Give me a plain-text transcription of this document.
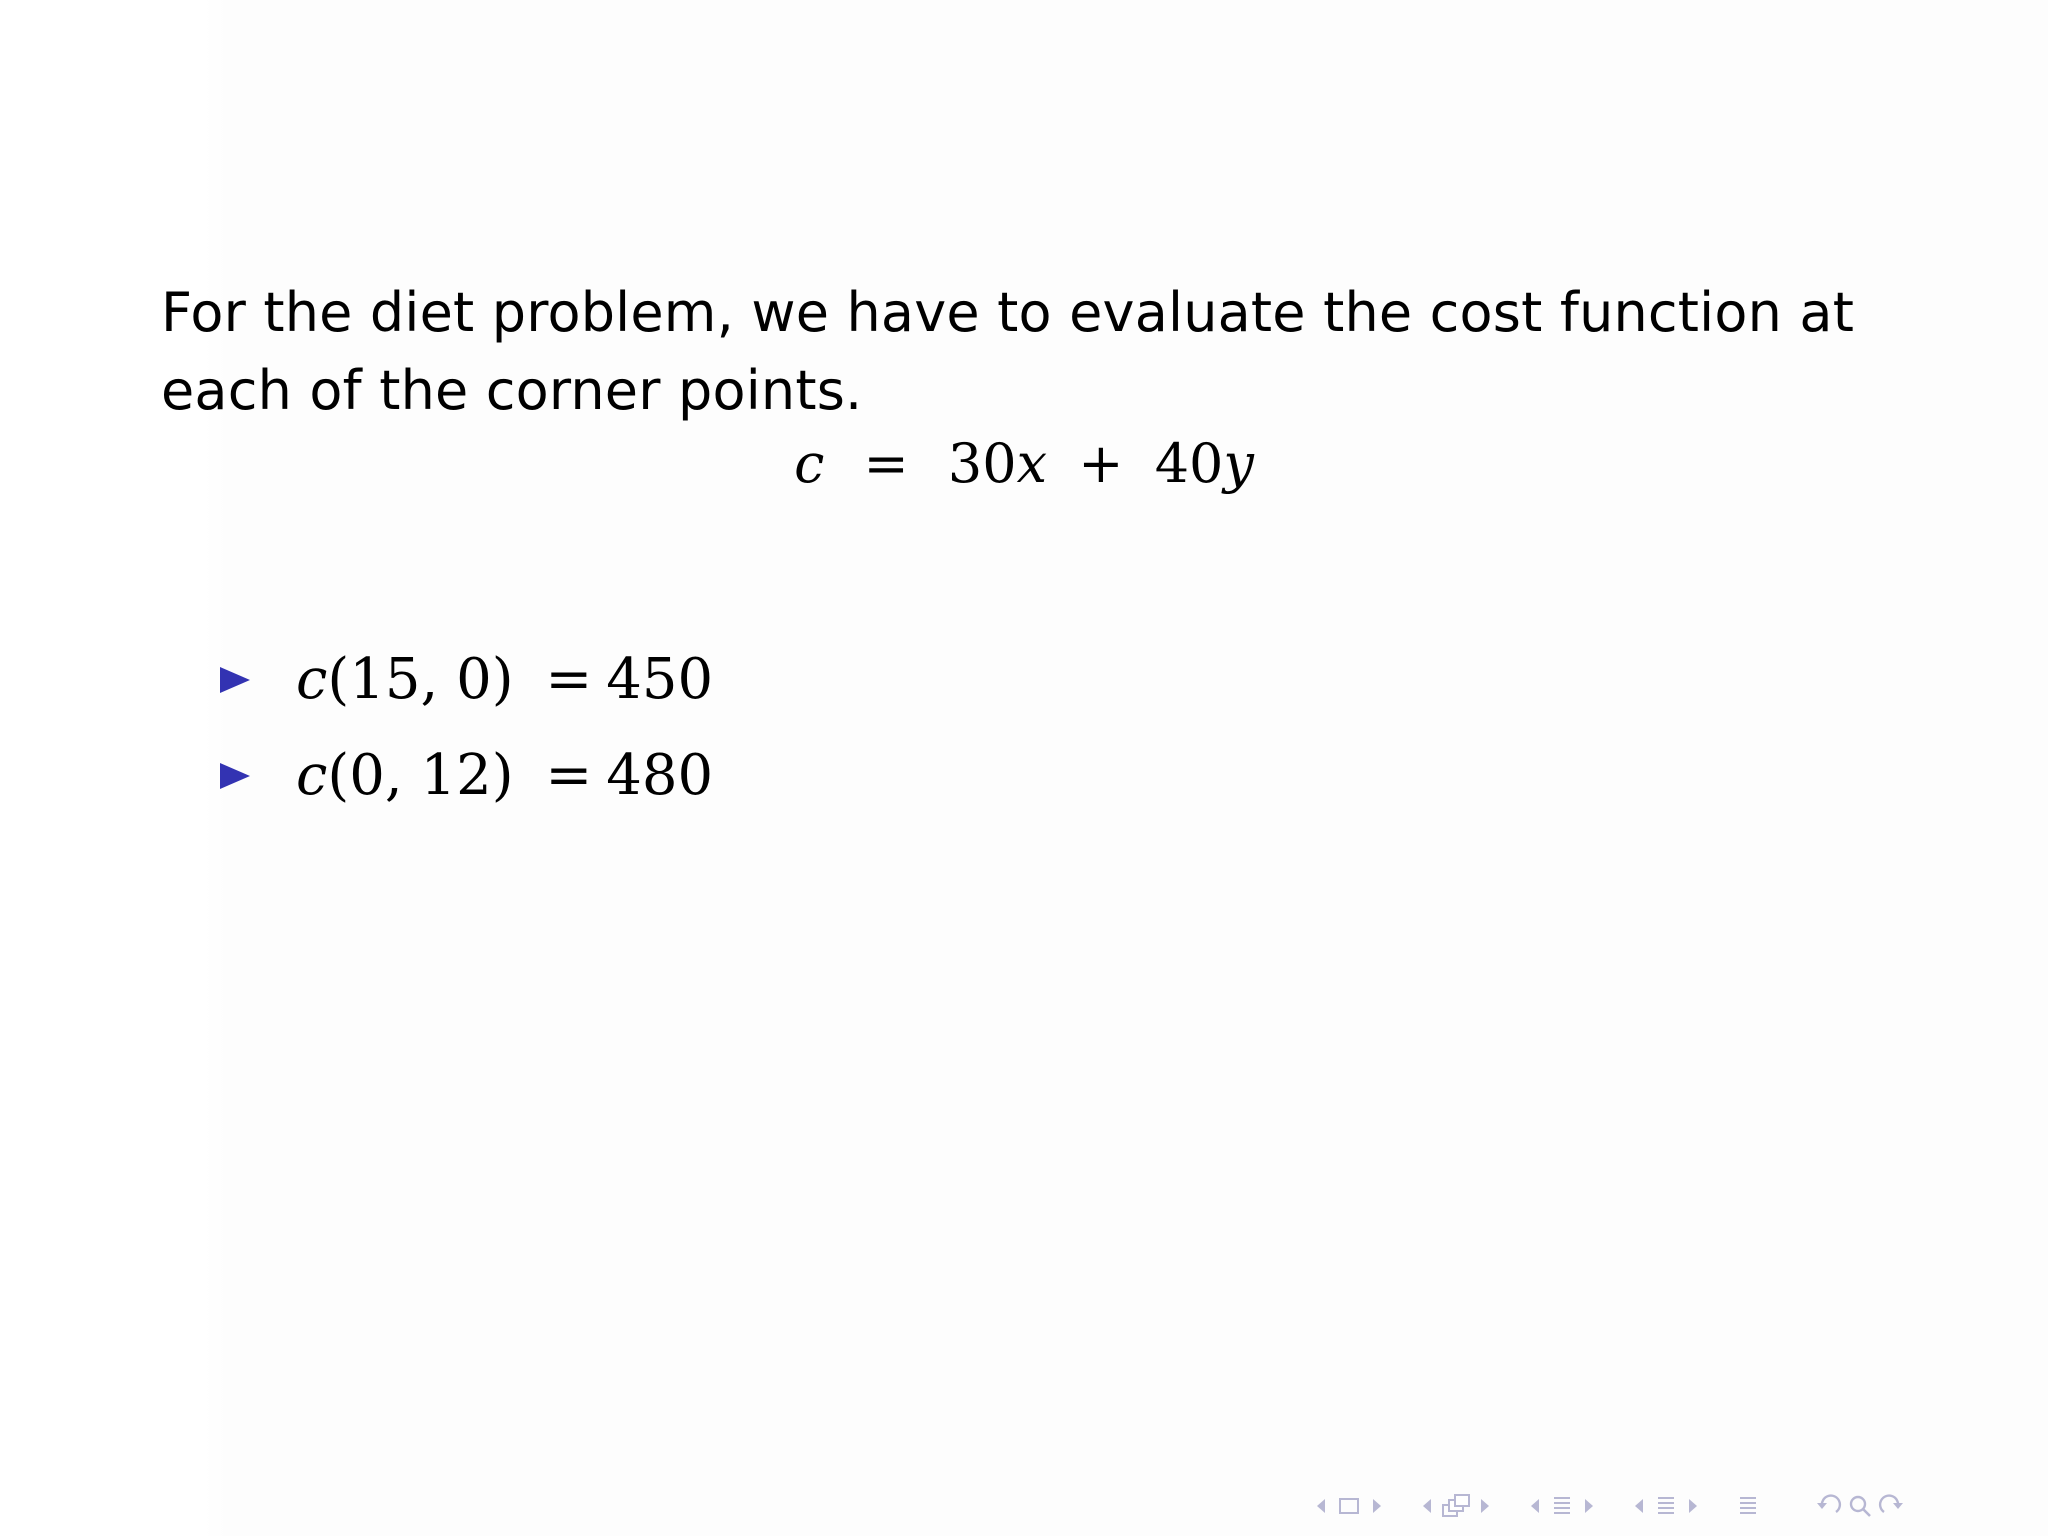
For the diet problem, we have to evaluate the cost function at each of the corner points.
c = 30x + 40y
c(15, 0) = 450
c(0, 12) = 480
